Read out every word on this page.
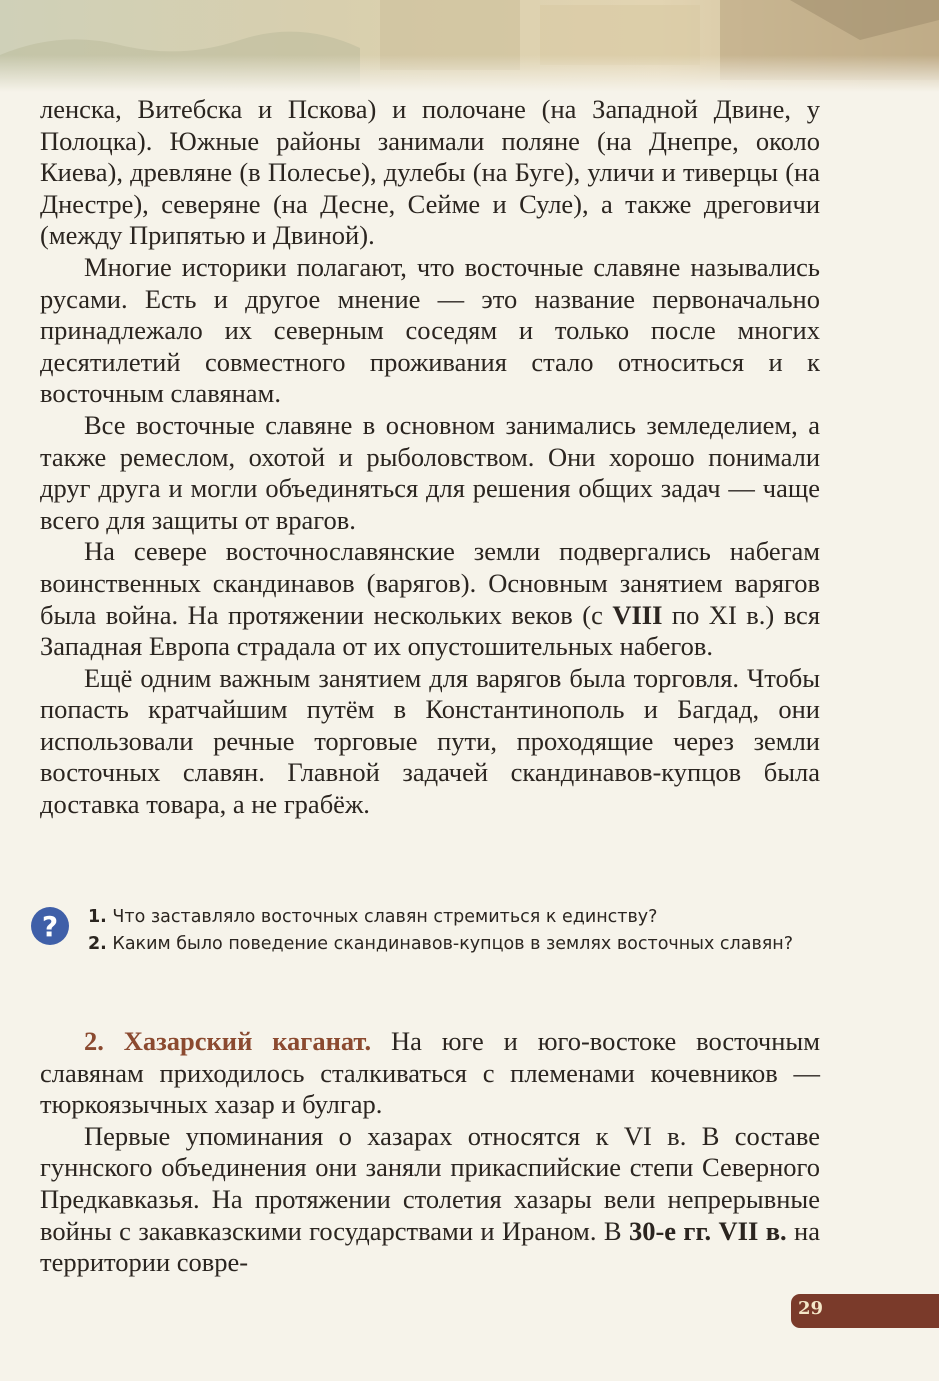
ленска, Витебска и Пскова) и полочане (на Западной Двине, у Полоцка). Южные районы занимали поляне (на Днепре, около Киева), древляне (в Полесье), дулебы (на Буге), уличи и тиверцы (на Днестре), северяне (на Десне, Сейме и Суле), а также дреговичи (между Припятью и Двиной).

Многие историки полагают, что восточные славяне назывались русами. Есть и другое мнение — это название первоначально принадлежало их северным соседям и только после многих десятилетий совместного проживания стало относиться и к восточным славянам.

Все восточные славяне в основном занимались земледелием, а также ремеслом, охотой и рыболовством. Они хорошо понимали друг друга и могли объединяться для решения общих задач — чаще всего для защиты от врагов.

На севере восточнославянские земли подвергались набегам воинственных скандинавов (варягов). Основным занятием варягов была война. На протяжении нескольких веков (с VIII по XI в.) вся Западная Европа страдала от их опустошительных набегов.

Ещё одним важным занятием для варягов была торговля. Чтобы попасть кратчайшим путём в Константинополь и Багдад, они использовали речные торговые пути, проходящие через земли восточных славян. Главной задачей скандинавов-купцов была доставка товара, а не грабёж.

? 1. Что заставляло восточных славян стремиться к единству?

2. Каким было поведение скандинавов-купцов в землях восточных славян?

2. Хазарский каганат. На юге и юго-востоке восточным славянам приходилось сталкиваться с племенами кочевников — тюркоязычных хазар и булгар.

Первые упоминания о хазарах относятся к VI в. В составе гуннского объединения они заняли прикаспийские степи Северного Предкавказья. На протяжении столетия хазары вели непрерывные войны с закавказскими государствами и Ираном. В 30-е гг. VII в. на территории совре-

29
